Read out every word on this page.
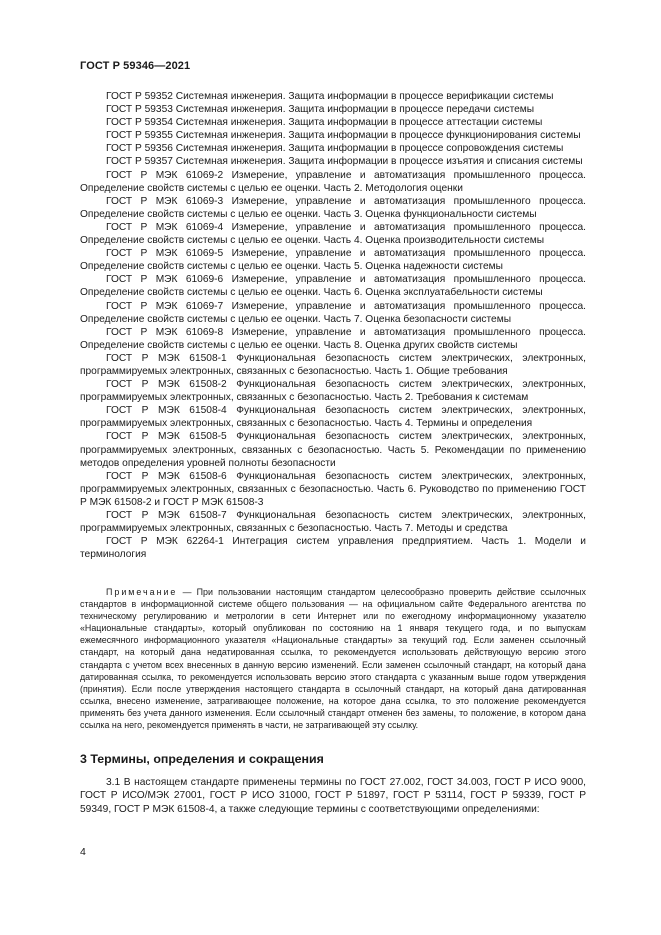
ГОСТ Р 59346—2021

ГОСТ Р 59352 Системная инженерия. Защита информации в процессе верификации системы

ГОСТ Р 59353 Системная инженерия. Защита информации в процессе передачи системы

ГОСТ Р 59354 Системная инженерия. Защита информации в процессе аттестации системы

ГОСТ Р 59355 Системная инженерия. Защита информации в процессе функционирования системы

ГОСТ Р 59356 Системная инженерия. Защита информации в процессе сопровождения системы

ГОСТ Р 59357 Системная инженерия. Защита информации в процессе изъятия и списания системы

ГОСТ Р МЭК 61069-2 Измерение, управление и автоматизация промышленного процесса. Определение свойств системы с целью ее оценки. Часть 2. Методология оценки

ГОСТ Р МЭК 61069-3 Измерение, управление и автоматизация промышленного процесса. Определение свойств системы с целью ее оценки. Часть 3. Оценка функциональности системы

ГОСТ Р МЭК 61069-4 Измерение, управление и автоматизация промышленного процесса. Определение свойств системы с целью ее оценки. Часть 4. Оценка производительности системы

ГОСТ Р МЭК 61069-5 Измерение, управление и автоматизация промышленного процесса. Определение свойств системы с целью ее оценки. Часть 5. Оценка надежности системы

ГОСТ Р МЭК 61069-6 Измерение, управление и автоматизация промышленного процесса. Определение свойств системы с целью ее оценки. Часть 6. Оценка эксплуатабельности системы

ГОСТ Р МЭК 61069-7 Измерение, управление и автоматизация промышленного процесса. Определение свойств системы с целью ее оценки. Часть 7. Оценка безопасности системы

ГОСТ Р МЭК 61069-8 Измерение, управление и автоматизация промышленного процесса. Определение свойств системы с целью ее оценки. Часть 8. Оценка других свойств системы

ГОСТ Р МЭК 61508-1 Функциональная безопасность систем электрических, электронных, программируемых электронных, связанных с безопасностью. Часть 1. Общие требования

ГОСТ Р МЭК 61508-2 Функциональная безопасность систем электрических, электронных, программируемых электронных, связанных с безопасностью. Часть 2. Требования к системам

ГОСТ Р МЭК 61508-4 Функциональная безопасность систем электрических, электронных, программируемых электронных, связанных с безопасностью. Часть 4. Термины и определения

ГОСТ Р МЭК 61508-5 Функциональная безопасность систем электрических, электронных, программируемых электронных, связанных с безопасностью. Часть 5. Рекомендации по применению методов определения уровней полноты безопасности

ГОСТ Р МЭК 61508-6 Функциональная безопасность систем электрических, электронных, программируемых электронных, связанных с безопасностью. Часть 6. Руководство по применению ГОСТ Р МЭК 61508-2 и ГОСТ Р МЭК 61508-3

ГОСТ Р МЭК 61508-7 Функциональная безопасность систем электрических, электронных, программируемых электронных, связанных с безопасностью. Часть 7. Методы и средства

ГОСТ Р МЭК 62264-1 Интеграция систем управления предприятием. Часть 1. Модели и терминология

Примечание — При пользовании настоящим стандартом целесообразно проверить действие ссылочных стандартов в информационной системе общего пользования — на официальном сайте Федерального агентства по техническому регулированию и метрологии в сети Интернет или по ежегодному информационному указателю «Национальные стандарты», который опубликован по состоянию на 1 января текущего года, и по выпускам ежемесячного информационного указателя «Национальные стандарты» за текущий год. Если заменен ссылочный стандарт, на который дана недатированная ссылка, то рекомендуется использовать действующую версию этого стандарта с учетом всех внесенных в данную версию изменений. Если заменен ссылочный стандарт, на который дана датированная ссылка, то рекомендуется использовать версию этого стандарта с указанным выше годом утверждения (принятия). Если после утверждения настоящего стандарта в ссылочный стандарт, на который дана датированная ссылка, внесено изменение, затрагивающее положение, на которое дана ссылка, то это положение рекомендуется применять без учета данного изменения. Если ссылочный стандарт отменен без замены, то положение, в котором дана ссылка на него, рекомендуется применять в части, не затрагивающей эту ссылку.

3 Термины, определения и сокращения

3.1 В настоящем стандарте применены термины по ГОСТ 27.002, ГОСТ 34.003, ГОСТ Р ИСО 9000, ГОСТ Р ИСО/МЭК 27001, ГОСТ Р ИСО 31000, ГОСТ Р 51897, ГОСТ Р 53114, ГОСТ Р 59339, ГОСТ Р 59349, ГОСТ Р МЭК 61508-4, а также следующие термины с соответствующими определениями:

4
